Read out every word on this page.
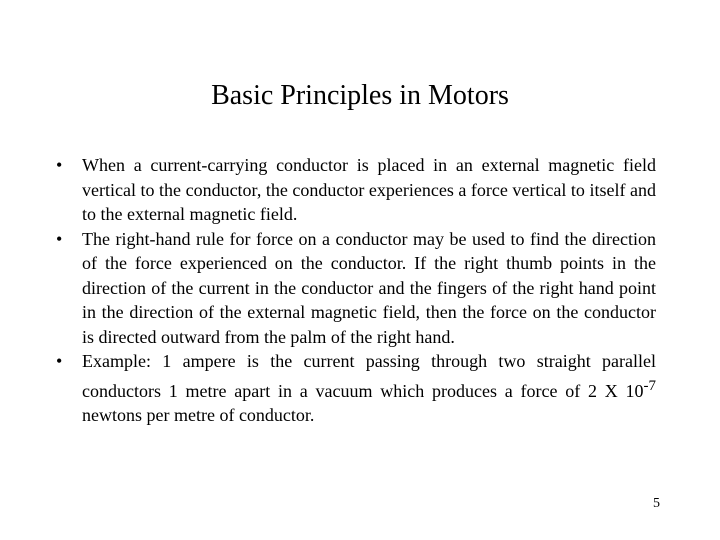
Basic Principles in Motors
•	When a current-carrying conductor is placed in an external magnetic field vertical to the conductor, the conductor experiences a force vertical to itself and to the external magnetic field.
•	The right-hand rule for force on a conductor may be used to find the direction of the force experienced on the conductor. If the right thumb points in the direction of the current in the conductor and the fingers of the right hand point in the direction of the external magnetic field, then the force on the conductor is directed outward from the palm of the right hand.
•	Example: 1 ampere is the current passing through two straight parallel conductors 1 metre apart in a vacuum which produces a force of 2 X $10^{-7}$ newtons per metre of conductor.
5
